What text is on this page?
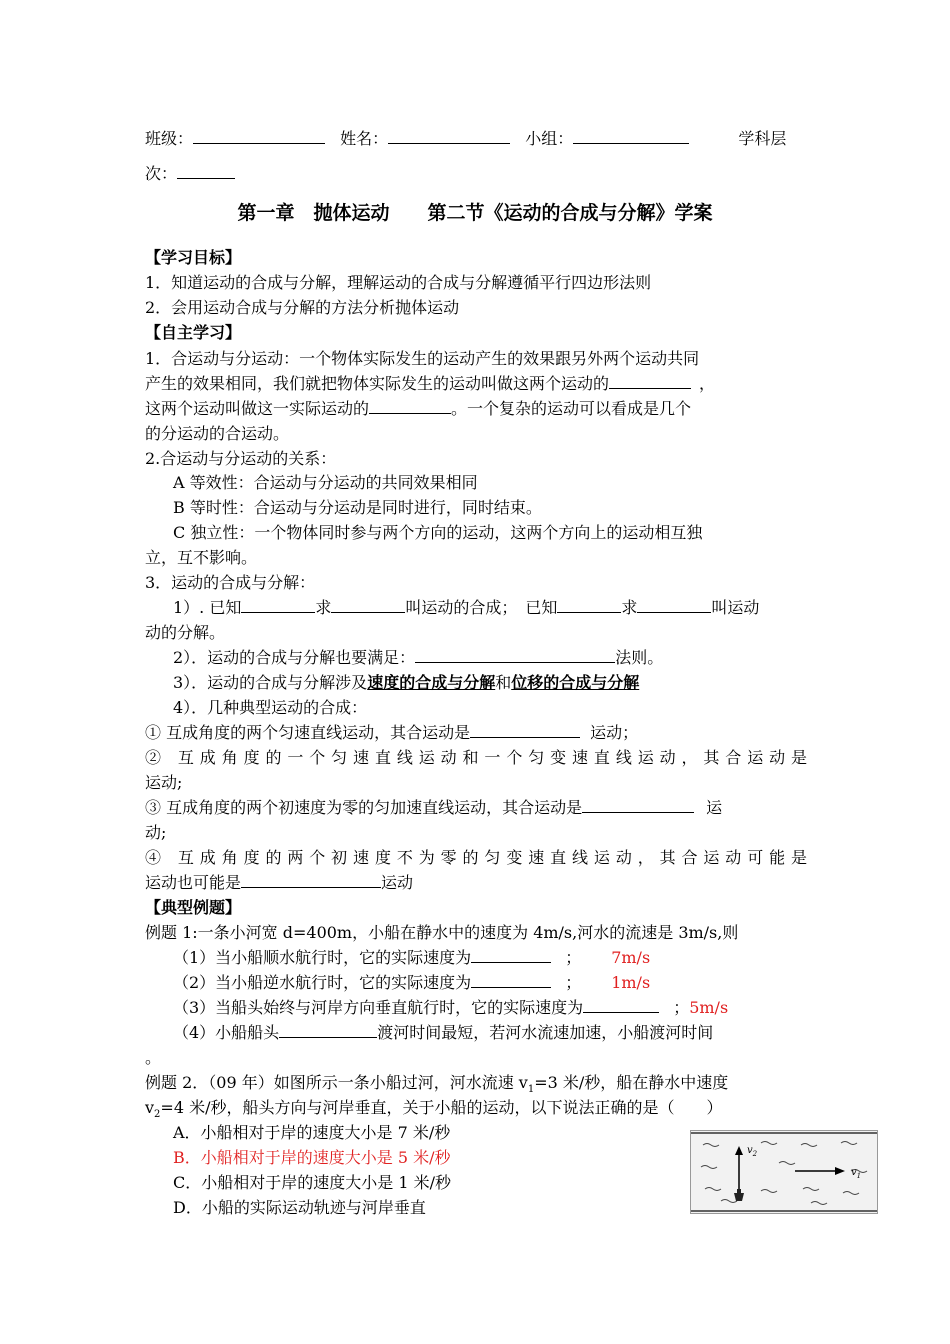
班级：	姓名：	小组：	学科层
次：
第一章　抛体运动　　第二节《运动的合成与分解》学案
【学习目标】
1．知道运动的合成与分解，理解运动的合成与分解遵循平行四边形法则
2．会用运动合成与分解的方法分析抛体运动
【自主学习】
1．合运动与分运动：一个物体实际发生的运动产生的效果跟另外两个运动共同
产生的效果相同，我们就把物体实际发生的运动叫做这两个运动的	，
这两个运动叫做这一实际运动的	。一个复杂的运动可以看成是几个
的分运动的合运动。
2.合运动与分运动的关系：
A 等效性：合运动与分运动的共同效果相同
B 等时性：合运动与分运动是同时进行，同时结束。
C 独立性：一个物体同时参与两个方向的运动，这两个方向上的运动相互独
立，互不影响。
3．运动的合成与分解：
1）. 已知	求	叫运动的合成；　已知	求	叫运动
动的分解。
2）．运动的合成与分解也要满足：	法则。
3）．运动的合成与分解涉及速度的合成与分解和位移的合成与分解
4）．几种典型运动的合成：
① 互成角度的两个匀速直线运动，其合运动是	运动；
② 互成角度的一个匀速直线运动和一个匀变速直线运动，其合运动是
运动;
③ 互成角度的两个初速度为零的匀加速直线运动，其合运动是	运
动;
④ 互成角度的两个初速度不为零的匀变速直线运动，其合运动可能是
运动也可能是	运动
【典型例题】
例题 1:一条小河宽 d=400m，小船在静水中的速度为 4m/s,河水的流速是 3m/s,则
（1）当小船顺水航行时，它的实际速度为	； 7m/s
（2）当小船逆水航行时，它的实际速度为	； 1m/s
（3）当船头始终与河岸方向垂直航行时，它的实际速度为	；5m/s
（4）小船船头	渡河时间最短，若河水流速加速，小船渡河时间
。
例题 2．（09 年）如图所示一条小船过河，河水流速 $v_1=3$ 米/秒，船在静水中速度
$v_2=4$ 米/秒，船头方向与河岸垂直，关于小船的运动，以下说法正确的是（　　）
A．小船相对于岸的速度大小是 7 米/秒
B．小船相对于岸的速度大小是 5 米/秒
C．小船相对于岸的速度大小是 1 米/秒
D．小船的实际运动轨迹与河岸垂直
$v_2$
$v_1$
